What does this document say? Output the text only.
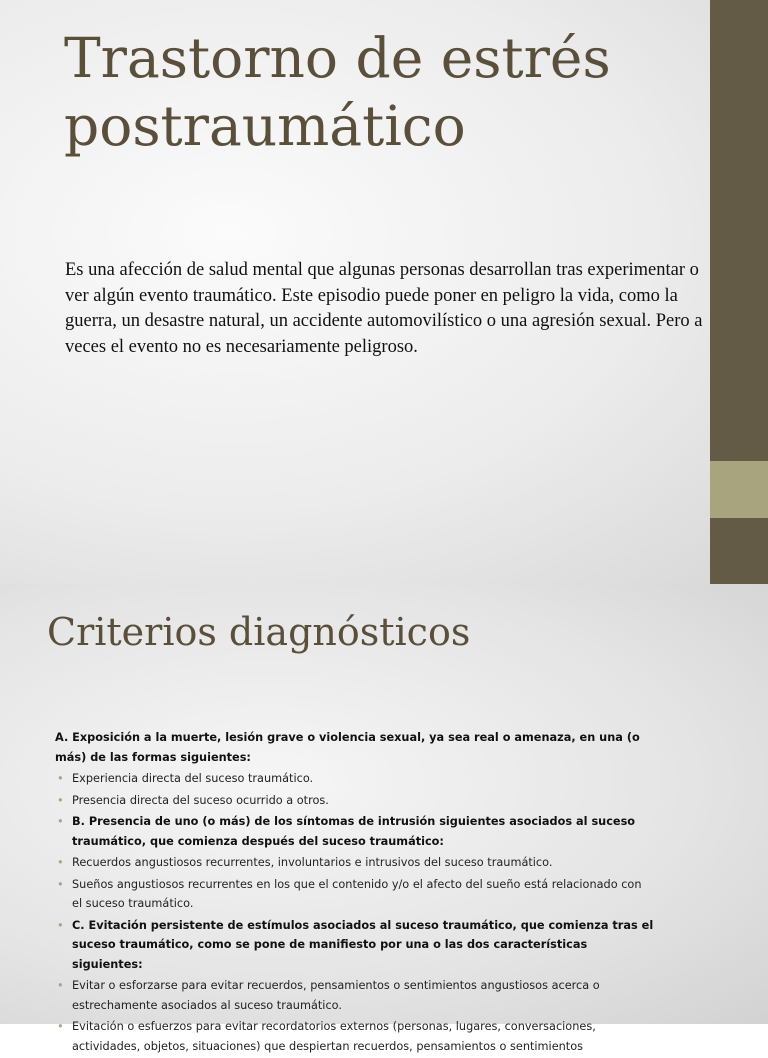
Trastorno de estrés postraumático

Es una afección de salud mental que algunas personas desarrollan tras experimentar o ver algún evento traumático. Este episodio puede poner en peligro la vida, como la guerra, un desastre natural, un accidente automovilístico o una agresión sexual. Pero a veces el evento no es necesariamente peligroso.

Criterios diagnósticos
A. Exposición a la muerte, lesión grave o violencia sexual, ya sea real o amenaza, en una (o más) de las formas siguientes:
• Experiencia directa del suceso traumático.
• Presencia directa del suceso ocurrido a otros.
• B. Presencia de uno (o más) de los síntomas de intrusión siguientes asociados al suceso traumático, que comienza después del suceso traumático:
• Recuerdos angustiosos recurrentes, involuntarios e intrusivos del suceso traumático.
• Sueños angustiosos recurrentes en los que el contenido y/o el afecto del sueño está relacionado con el suceso traumático.
• C. Evitación persistente de estímulos asociados al suceso traumático, que comienza tras el suceso traumático, como se pone de manifiesto por una o las dos características siguientes:
• Evitar o esforzarse para evitar recuerdos, pensamientos o sentimientos angustiosos acerca o estrechamente asociados al suceso traumático.
• Evitación o esfuerzos para evitar recordatorios externos (personas, lugares, conversaciones, actividades, objetos, situaciones) que despiertan recuerdos, pensamientos o sentimientos
